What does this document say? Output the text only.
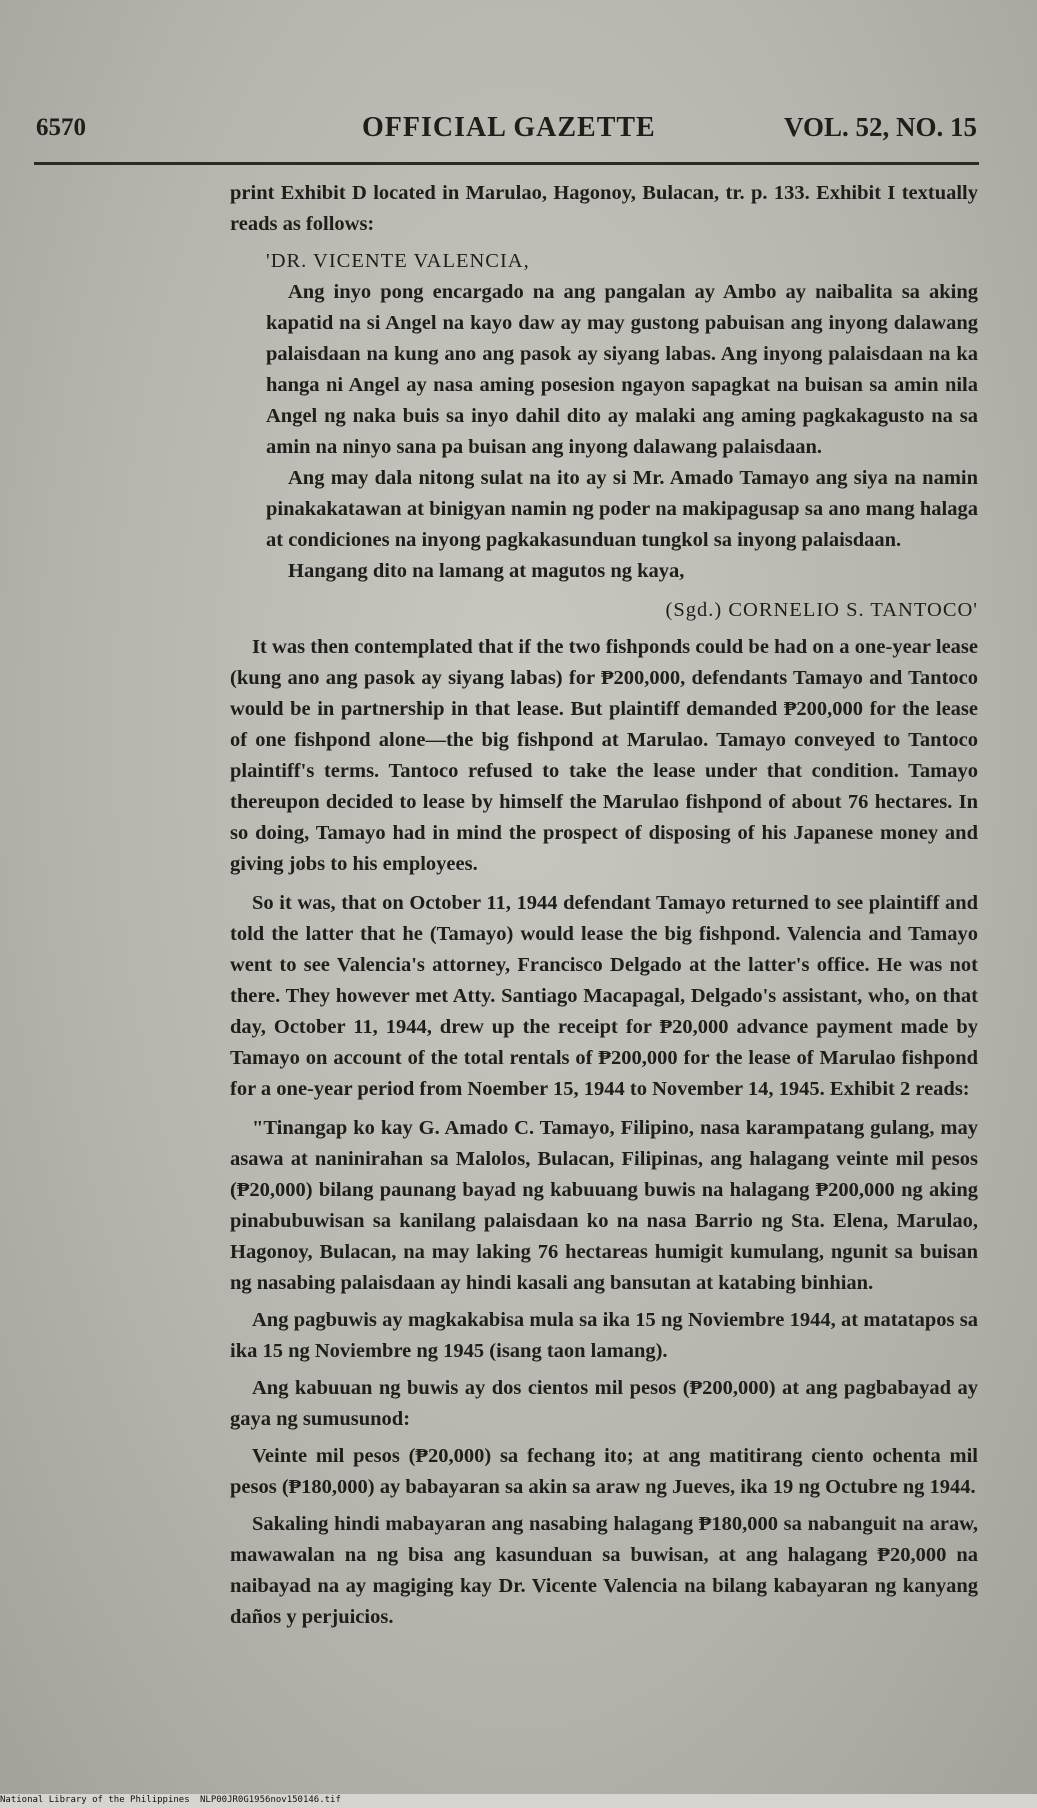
6570	OFFICIAL GAZETTE	VOL. 52, NO. 15

print Exhibit D located in Marulao, Hagonoy, Bulacan, tr. p. 133. Exhibit I textually reads as follows:

'DR. VICENTE VALENCIA,

Ang inyo pong encargado na ang pangalan ay Ambo ay naibalita sa aking kapatid na si Angel na kayo daw ay may gustong pabuisan ang inyong dalawang palaisdaan na kung ano ang pasok ay siyang labas. Ang inyong palaisdaan na ka hanga ni Angel ay nasa aming posesion ngayon sapagkat na buisan sa amin nila Angel ng naka buis sa inyo dahil dito ay malaki ang aming pagkakagusto na sa amin na ninyo sana pa buisan ang inyong dalawang palaisdaan.

Ang may dala nitong sulat na ito ay si Mr. Amado Tamayo ang siya na namin pinakakatawan at binigyan namin ng poder na makipagusap sa ano mang halaga at condiciones na inyong pagkakasunduan tungkol sa inyong palaisdaan.

Hangang dito na lamang at magutos ng kaya,

(Sgd.) CORNELIO S. TANTOCO'

It was then contemplated that if the two fishponds could be had on a one-year lease (kung ano ang pasok ay siyang labas) for ₱200,000, defendants Tamayo and Tantoco would be in partnership in that lease. But plaintiff demanded ₱200,000 for the lease of one fishpond alone—the big fishpond at Marulao. Tamayo conveyed to Tantoco plaintiff's terms. Tantoco refused to take the lease under that condition. Tamayo thereupon decided to lease by himself the Marulao fishpond of about 76 hectares. In so doing, Tamayo had in mind the prospect of disposing of his Japanese money and giving jobs to his employees.

So it was, that on October 11, 1944 defendant Tamayo returned to see plaintiff and told the latter that he (Tamayo) would lease the big fishpond. Valencia and Tamayo went to see Valencia's attorney, Francisco Delgado at the latter's office. He was not there. They however met Atty. Santiago Macapagal, Delgado's assistant, who, on that day, October 11, 1944, drew up the receipt for ₱20,000 advance payment made by Tamayo on account of the total rentals of ₱200,000 for the lease of Marulao fishpond for a one-year period from Noember 15, 1944 to November 14, 1945. Exhibit 2 reads:

"Tinangap ko kay G. Amado C. Tamayo, Filipino, nasa karampatang gulang, may asawa at naninirahan sa Malolos, Bulacan, Filipinas, ang halagang veinte mil pesos (₱20,000) bilang paunang bayad ng kabuuang buwis na halagang ₱200,000 ng aking pinabubuwisan sa kanilang palaisdaan ko na nasa Barrio ng Sta. Elena, Marulao, Hagonoy, Bulacan, na may laking 76 hectareas humigit kumulang, ngunit sa buisan ng nasabing palaisdaan ay hindi kasali ang bansutan at katabing binhian.

Ang pagbuwis ay magkakabisa mula sa ika 15 ng Noviembre 1944, at matatapos sa ika 15 ng Noviembre ng 1945 (isang taon lamang).

Ang kabuuan ng buwis ay dos cientos mil pesos (₱200,000) at ang pagbabayad ay gaya ng sumusunod:

Veinte mil pesos (₱20,000) sa fechang ito; at ang matitirang ciento ochenta mil pesos (₱180,000) ay babayaran sa akin sa araw ng Jueves, ika 19 ng Octubre ng 1944.

Sakaling hindi mabayaran ang nasabing halagang ₱180,000 sa nabanguit na araw, mawawalan na ng bisa ang kasunduan sa buwisan, at ang halagang ₱20,000 na naibayad na ay magiging kay Dr. Vicente Valencia na bilang kabayaran ng kanyang daños y perjuicios.

National Library of the Philippines NLP00JR0G1956nov150146.tif
